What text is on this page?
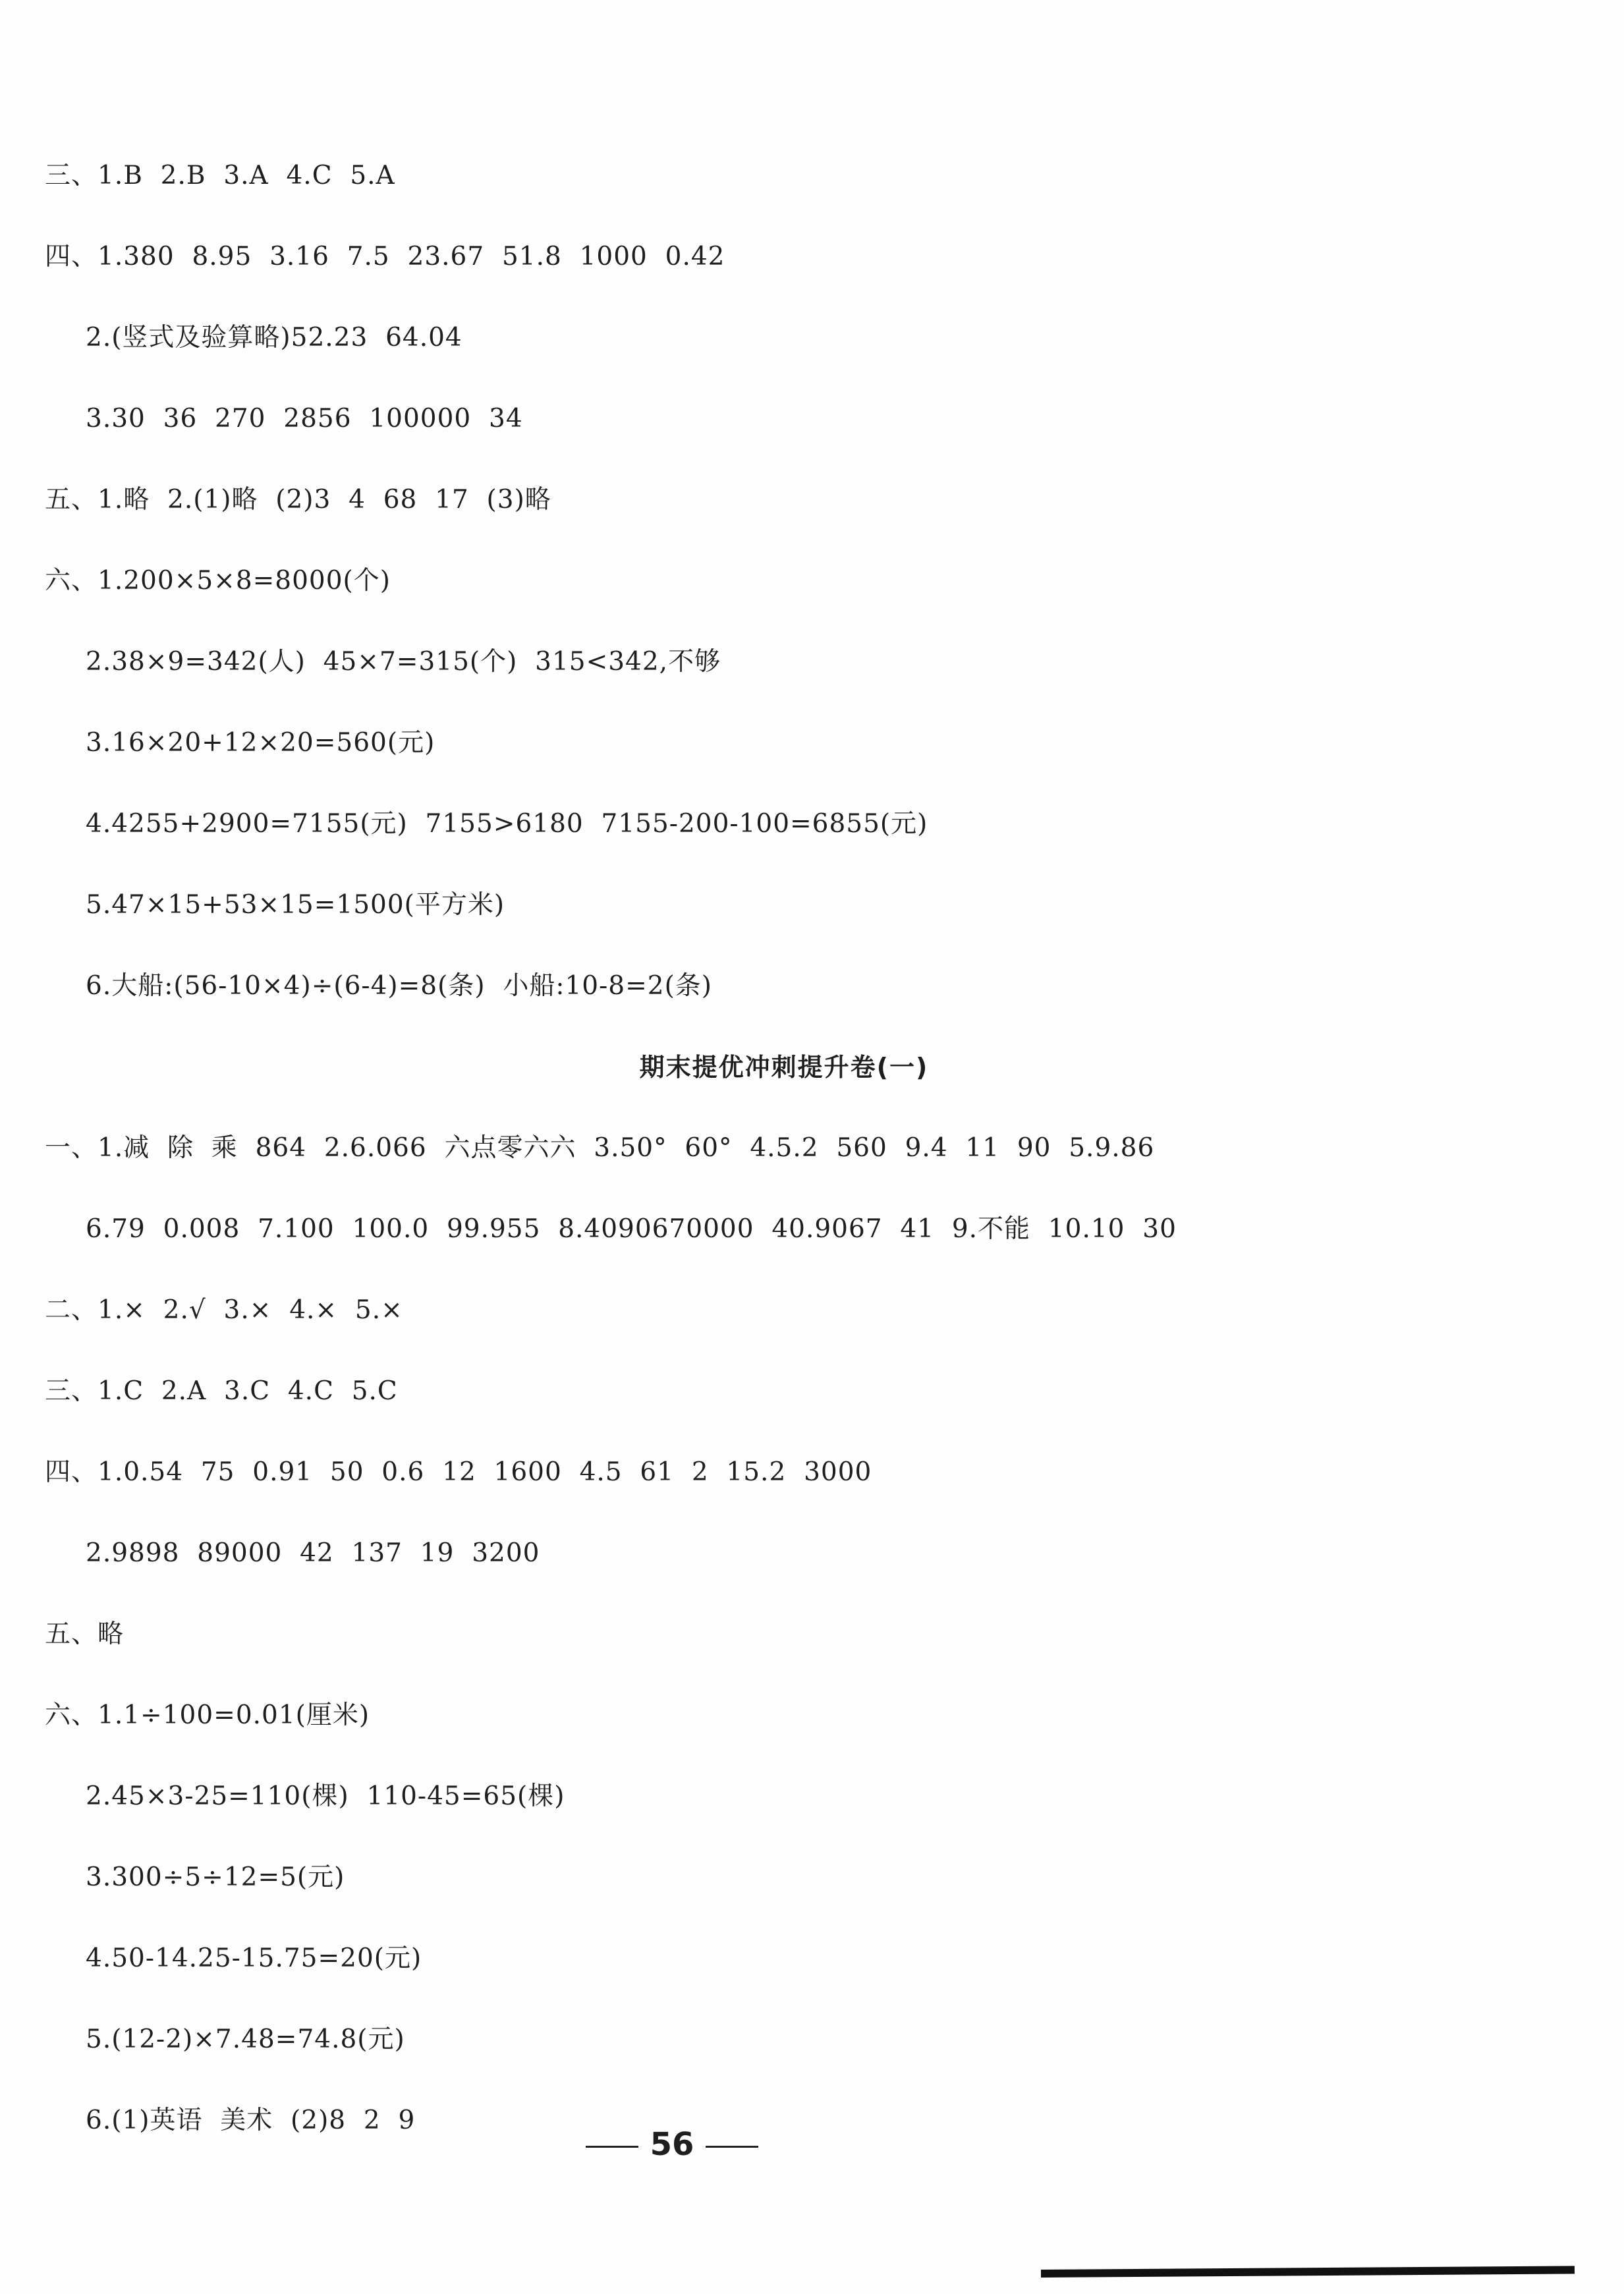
三、1.B  2.B  3.A  4.C  5.A
四、1.380  8.95  3.16  7.5  23.67  51.8  1000  0.42
2.(竖式及验算略)52.23  64.04
3.30  36  270  2856  100000  34
五、1.略  2.(1)略  (2)3  4  68  17  (3)略
六、1.200×5×8=8000(个)
2.38×9=342(人)  45×7=315(个)  315<342,不够
3.16×20+12×20=560(元)
4.4255+2900=7155(元)  7155>6180  7155-200-100=6855(元)
5.47×15+53×15=1500(平方米)
6.大船:(56-10×4)÷(6-4)=8(条)  小船:10-8=2(条)
期末提优冲刺提升卷(一)
一、1.减  除  乘  864  2.6.066  六点零六六  3.50°  60°  4.5.2  560  9.4  11  90  5.9.86
6.79  0.008  7.100  100.0  99.955  8.4090670000  40.9067  41  9.不能  10.10  30
二、1.×  2.√  3.×  4.×  5.×
三、1.C  2.A  3.C  4.C  5.C
四、1.0.54  75  0.91  50  0.6  12  1600  4.5  61  2  15.2  3000
2.9898  89000  42  137  19  3200
五、略
六、1.1÷100=0.01(厘米)
2.45×3-25=110(棵)  110-45=65(棵)
3.300÷5÷12=5(元)
4.50-14.25-15.75=20(元)
5.(12-2)×7.48=74.8(元)
6.(1)英语  美术  (2)8  2  9
56
